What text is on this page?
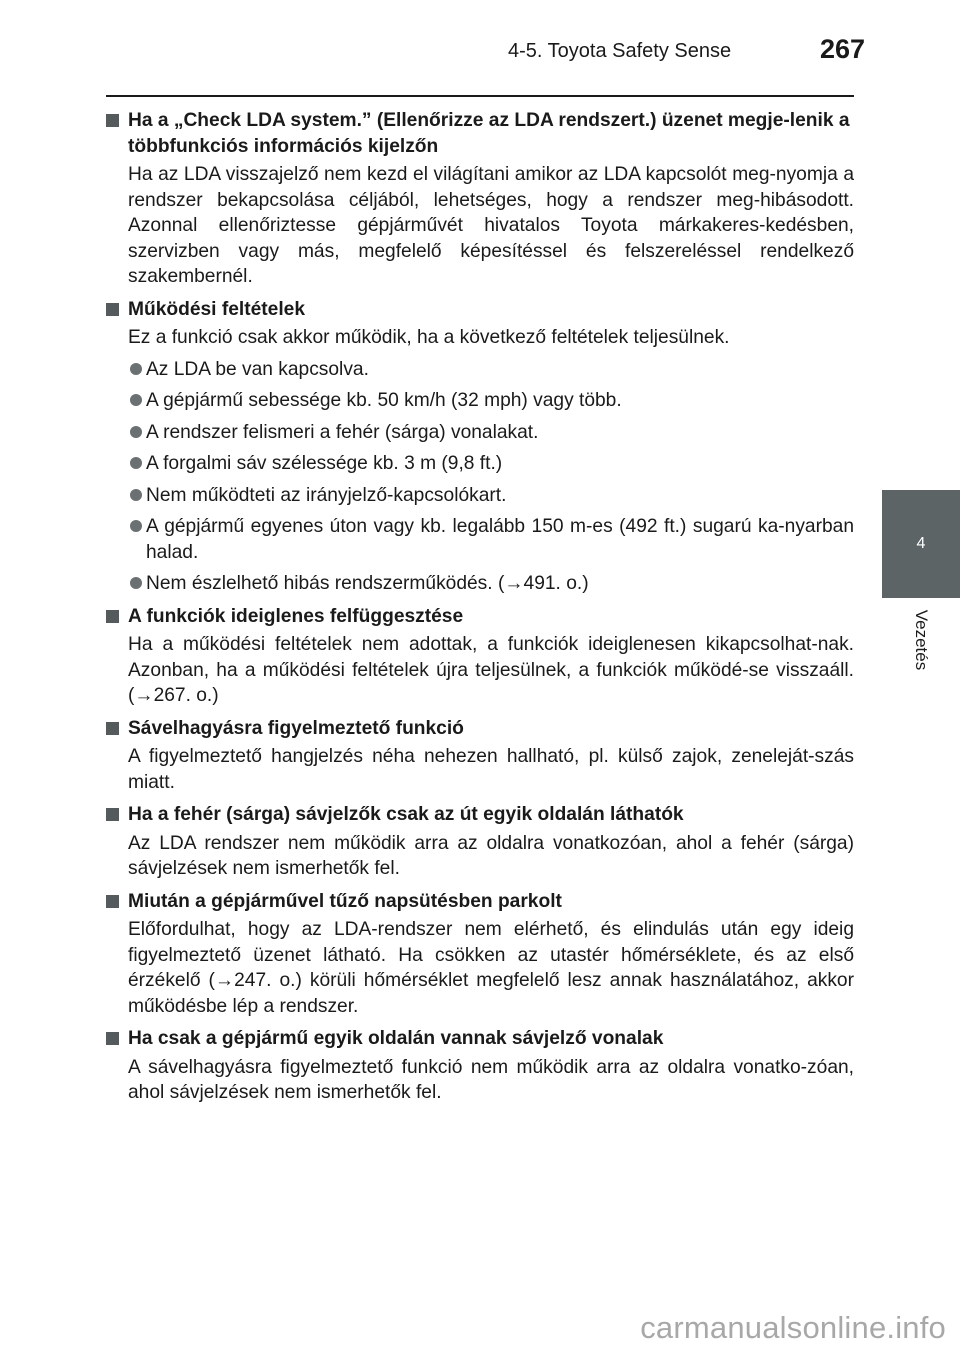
4-5. Toyota Safety Sense	267
4
Vezetés
Ha a „Check LDA system.” (Ellenőrizze az LDA rendszert.) üzenet megje-lenik a többfunkciós információs kijelzőn
Ha az LDA visszajelző nem kezd el világítani amikor az LDA kapcsolót meg-nyomja a rendszer bekapcsolása céljából, lehetséges, hogy a rendszer meg-hibásodott. Azonnal ellenőriztesse gépjárművét hivatalos Toyota márkakeres-kedésben, szervizben vagy más, megfelelő képesítéssel és felszereléssel rendelkező szakembernél.
Működési feltételek
Ez a funkció csak akkor működik, ha a következő feltételek teljesülnek.
Az LDA be van kapcsolva.
A gépjármű sebessége kb. 50 km/h (32 mph) vagy több.
A rendszer felismeri a fehér (sárga) vonalakat.
A forgalmi sáv szélessége kb. 3 m (9,8 ft.)
Nem működteti az irányjelző-kapcsolókart.
A gépjármű egyenes úton vagy kb. legalább 150 m-es (492 ft.) sugarú ka-nyarban halad.
Nem észlelhető hibás rendszerműködés. (→491. o.)
A funkciók ideiglenes felfüggesztése
Ha a működési feltételek nem adottak, a funkciók ideiglenesen kikapcsolhat-nak. Azonban, ha a működési feltételek újra teljesülnek, a funkciók működé-se visszaáll. (→267. o.)
Sávelhagyásra figyelmeztető funkció
A figyelmeztető hangjelzés néha nehezen hallható, pl. külső zajok, zeneleját-szás miatt.
Ha a fehér (sárga) sávjelzők csak az út egyik oldalán láthatók
Az LDA rendszer nem működik arra az oldalra vonatkozóan, ahol a fehér (sárga) sávjelzések nem ismerhetők fel.
Miután a gépjárművel tűző napsütésben parkolt
Előfordulhat, hogy az LDA-rendszer nem elérhető, és elindulás után egy ideig figyelmeztető üzenet látható. Ha csökken az utastér hőmérséklete, és az első érzékelő (→247. o.) körüli hőmérséklet megfelelő lesz annak használatához, akkor működésbe lép a rendszer.
Ha csak a gépjármű egyik oldalán vannak sávjelző vonalak
A sávelhagyásra figyelmeztető funkció nem működik arra az oldalra vonatko-zóan, ahol sávjelzések nem ismerhetők fel.
carmanualsonline.info
